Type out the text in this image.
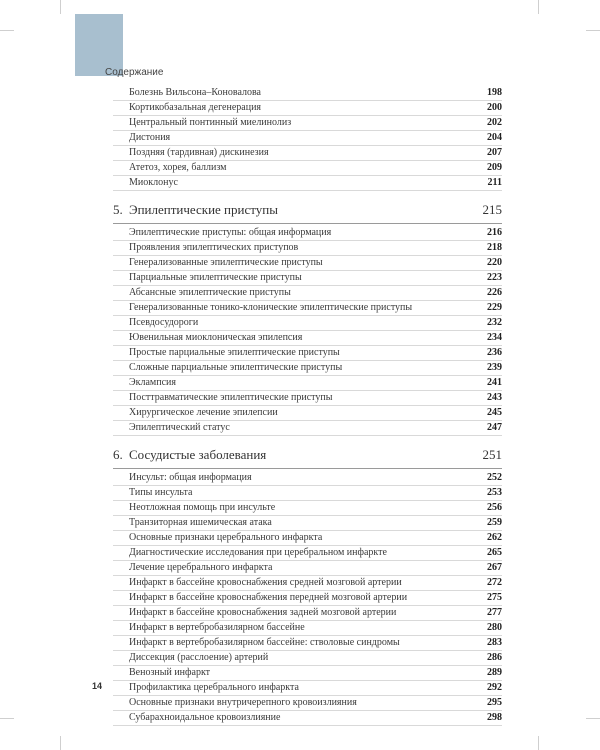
Содержание
Болезнь Вильсона–Коновалова	198
Кортикобазальная дегенерация	200
Центральный понтинный миелинолиз	202
Дистония	204
Поздняя (тардивная) дискинезия	207
Атетоз, хорея, баллизм	209
Миоклонус	211
5. Эпилептические приступы	215
Эпилептические приступы: общая информация	216
Проявления эпилептических приступов	218
Генерализованные эпилептические приступы	220
Парциальные эпилептические приступы	223
Абсансные эпилептические приступы	226
Генерализованные тонико-клонические эпилептические приступы	229
Псевдосудороги	232
Ювенильная миоклоническая эпилепсия	234
Простые парциальные эпилептические приступы	236
Сложные парциальные эпилептические приступы	239
Эклампсия	241
Посттравматические эпилептические приступы	243
Хирургическое лечение эпилепсии	245
Эпилептический статус	247
6. Сосудистые заболевания	251
Инсульт: общая информация	252
Типы инсульта	253
Неотложная помощь при инсульте	256
Транзиторная ишемическая атака	259
Основные признаки церебрального инфаркта	262
Диагностические исследования при церебральном инфаркте	265
Лечение церебрального инфаркта	267
Инфаркт в бассейне кровоснабжения средней мозговой артерии	272
Инфаркт в бассейне кровоснабжения передней мозговой артерии	275
Инфаркт в бассейне кровоснабжения задней мозговой артерии	277
Инфаркт в вертебробазилярном бассейне	280
Инфаркт в вертебробазилярном бассейне: стволовые синдромы	283
Диссекция (расслоение) артерий	286
Венозный инфаркт	289
Профилактика церебрального инфаркта	292
Основные признаки внутричерепного кровоизлияния	295
Субарахноидальное кровоизлияние	298
14
